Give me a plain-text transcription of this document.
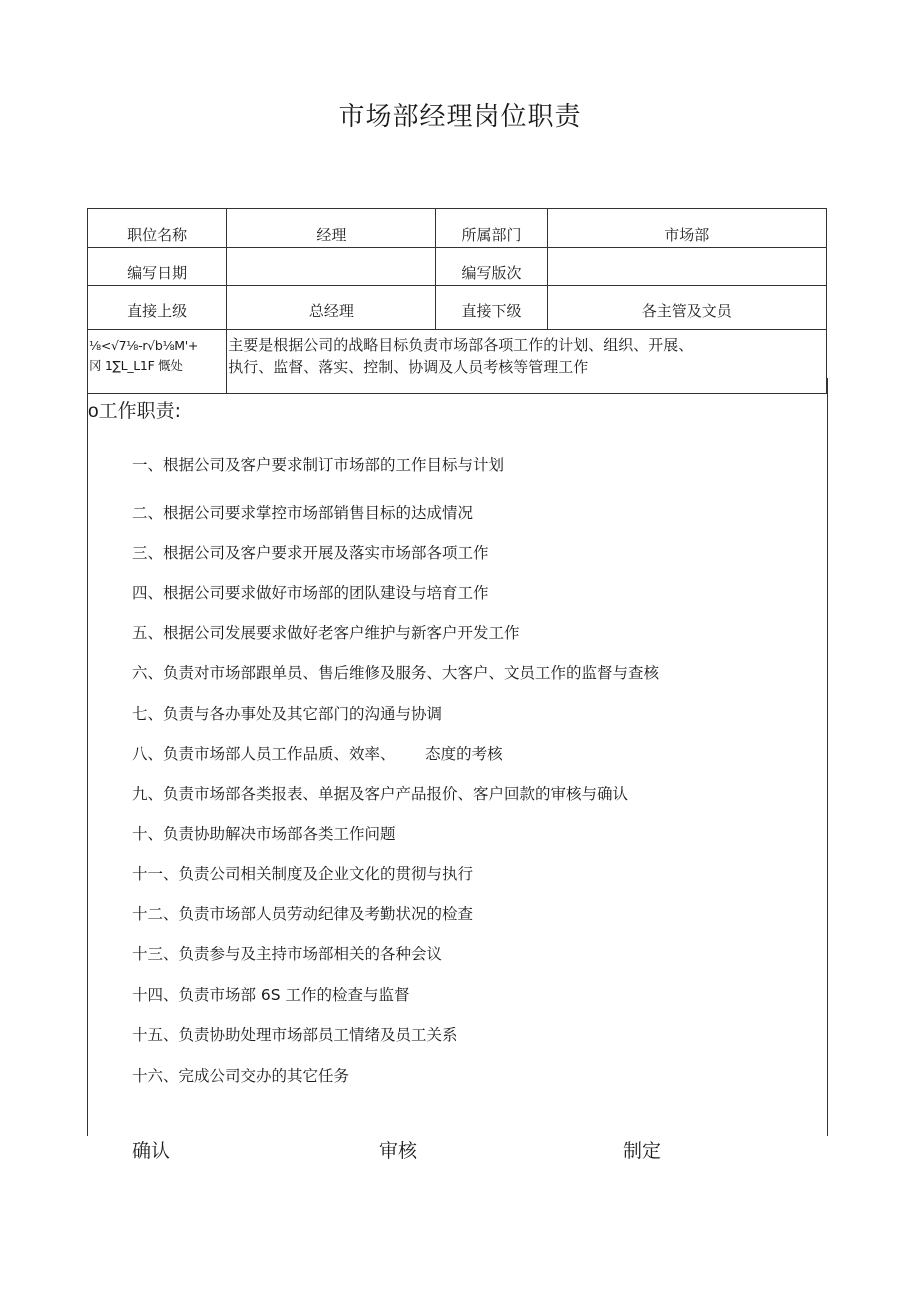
市场部经理岗位职责
职位名称	经理	所属部门	市场部
编写日期		编写版次	
直接上级	总经理	直接下级	各主管及文员

⅛<√7⅛-r√b⅛M'+
冈 1∑L_L1F 慨处	主要是根据公司的战略目标负责市场部各项工作的计划、组织、开展、
执行、监督、落实、控制、协调及人员考核等管理工作		
o工作职责:
一、根据公司及客户要求制订市场部的工作目标与计划
二、根据公司要求掌控市场部销售目标的达成情况
三、根据公司及客户要求开展及落实市场部各项工作
四、根据公司要求做好市场部的团队建设与培育工作
五、根据公司发展要求做好老客户维护与新客户开发工作
六、负责对市场部跟单员、售后维修及服务、大客户、文员工作的监督与查核
七、负责与各办事处及其它部门的沟通与协调
八、负责市场部人员工作品质、效率、      态度的考核
九、负责市场部各类报表、单据及客户产品报价、客户回款的审核与确认
十、负责协助解决市场部各类工作问题
十一、负责公司相关制度及企业文化的贯彻与执行
十二、负责市场部人员劳动纪律及考勤状况的检查
十三、负责参与及主持市场部相关的各种会议
十四、负责市场部 6S 工作的检查与监督
十五、负责协助处理市场部员工情绪及员工关系
十六、完成公司交办的其它任务
确认	审核	制定
